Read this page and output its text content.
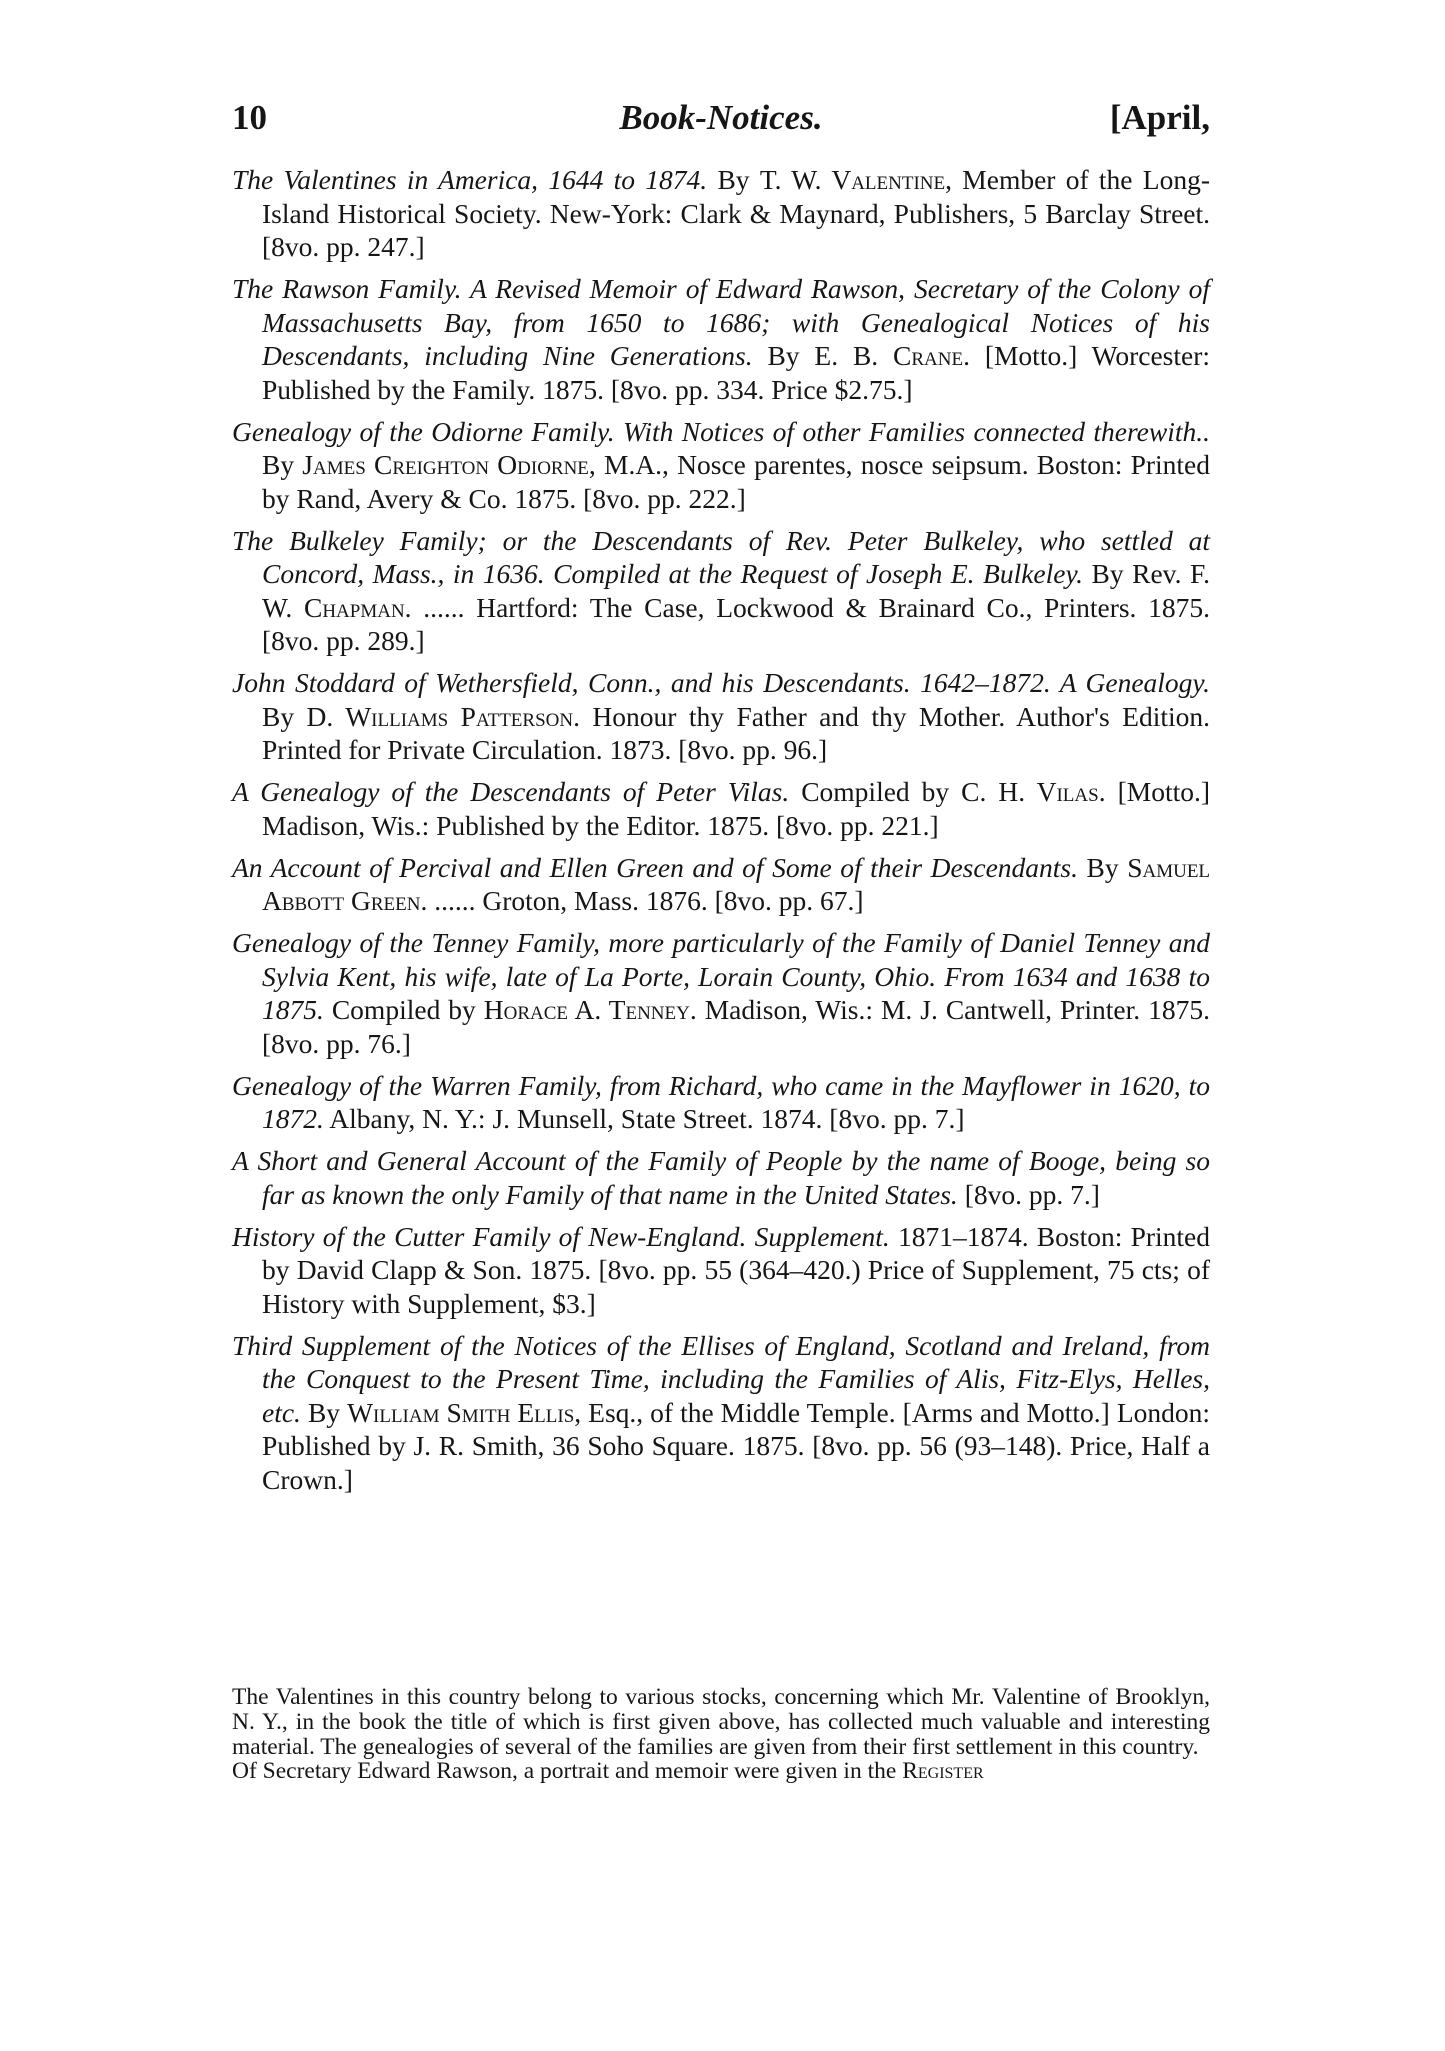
10	Book-Notices.	[April,

The Valentines in America, 1644 to 1874. By T. W. Valentine, Member of the Long-Island Historical Society. New-York: Clark & Maynard, Publishers, 5 Barclay Street. [8vo. pp. 247.]

The Rawson Family. A Revised Memoir of Edward Rawson, Secretary of the Colony of Massachusetts Bay, from 1650 to 1686; with Genealogical Notices of his Descendants, including Nine Generations. By E. B. Crane. [Motto.] Worcester: Published by the Family. 1875. [8vo. pp. 334. Price $2.75.]

Genealogy of the Odiorne Family. With Notices of other Families connected therewith.. By James Creighton Odiorne, M.A., Nosce parentes, nosce seipsum. Boston: Printed by Rand, Avery & Co. 1875. [8vo. pp. 222.]

The Bulkeley Family; or the Descendants of Rev. Peter Bulkeley, who settled at Concord, Mass., in 1636. Compiled at the Request of Joseph E. Bulkeley. By Rev. F. W. Chapman. ...... Hartford: The Case, Lockwood & Brainard Co., Printers. 1875. [8vo. pp. 289.]

John Stoddard of Wethersfield, Conn., and his Descendants. 1642–1872. A Genealogy. By D. Williams Patterson. Honour thy Father and thy Mother. Author's Edition. Printed for Private Circulation. 1873. [8vo. pp. 96.]

A Genealogy of the Descendants of Peter Vilas. Compiled by C. H. Vilas. [Motto.] Madison, Wis.: Published by the Editor. 1875. [8vo. pp. 221.]

An Account of Percival and Ellen Green and of Some of their Descendants. By Samuel Abbott Green. ...... Groton, Mass. 1876. [8vo. pp. 67.]

Genealogy of the Tenney Family, more particularly of the Family of Daniel Tenney and Sylvia Kent, his wife, late of La Porte, Lorain County, Ohio. From 1634 and 1638 to 1875. Compiled by Horace A. Tenney. Madison, Wis.: M. J. Cantwell, Printer. 1875. [8vo. pp. 76.]

Genealogy of the Warren Family, from Richard, who came in the Mayflower in 1620, to 1872. Albany, N. Y.: J. Munsell, State Street. 1874. [8vo. pp. 7.]

A Short and General Account of the Family of People by the name of Booge, being so far as known the only Family of that name in the United States. [8vo. pp. 7.]

History of the Cutter Family of New-England. Supplement. 1871–1874. Boston: Printed by David Clapp & Son. 1875. [8vo. pp. 55 (364–420.) Price of Supplement, 75 cts; of History with Supplement, $3.]

Third Supplement of the Notices of the Ellises of England, Scotland and Ireland, from the Conquest to the Present Time, including the Families of Alis, Fitz-Elys, Helles, etc. By William Smith Ellis, Esq., of the Middle Temple. [Arms and Motto.] London: Published by J. R. Smith, 36 Soho Square. 1875. [8vo. pp. 56 (93–148). Price, Half a Crown.]

The Valentines in this country belong to various stocks, concerning which Mr. Valentine of Brooklyn, N. Y., in the book the title of which is first given above, has collected much valuable and interesting material. The genealogies of several of the families are given from their first settlement in this country.

Of Secretary Edward Rawson, a portrait and memoir were given in the Register
